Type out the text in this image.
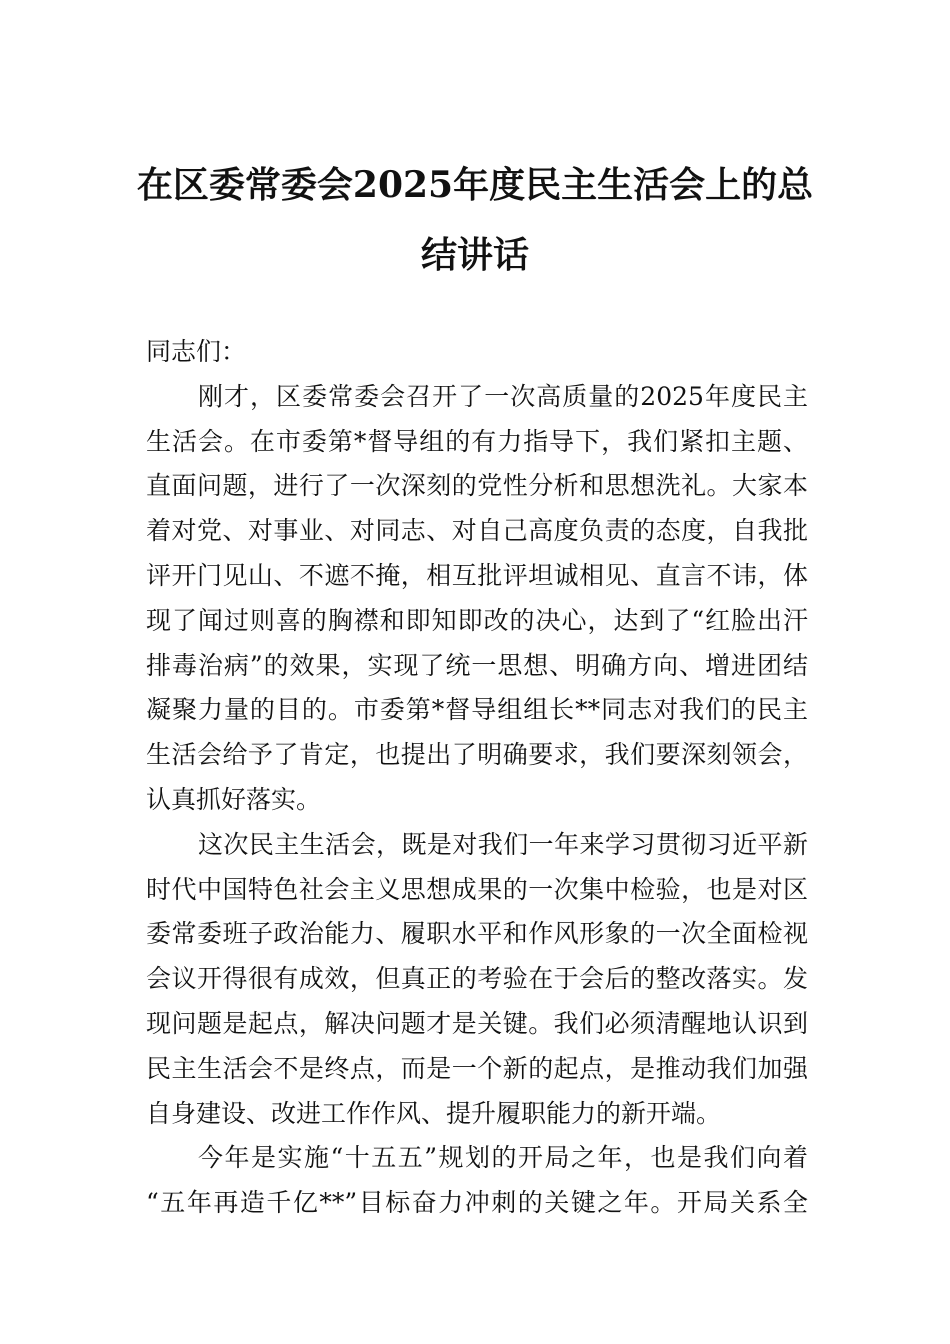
在区委常委会2025年度民主生活会上的总
结讲话
同志们：
刚才，区委常委会召开了一次高质量的2025年度民主
生活会。在市委第*督导组的有力指导下，我们紧扣主题、
直面问题，进行了一次深刻的党性分析和思想洗礼。大家本
着对党、对事业、对同志、对自己高度负责的态度，自我批
评开门见山、不遮不掩，相互批评坦诚相见、直言不讳，体
现了闻过则喜的胸襟和即知即改的决心，达到了“红脸出汗
排毒治病”的效果，实现了统一思想、明确方向、增进团结
凝聚力量的目的。市委第*督导组组长**同志对我们的民主
生活会给予了肯定，也提出了明确要求，我们要深刻领会，
认真抓好落实。
这次民主生活会，既是对我们一年来学习贯彻习近平新
时代中国特色社会主义思想成果的一次集中检验，也是对区
委常委班子政治能力、履职水平和作风形象的一次全面检视
会议开得很有成效，但真正的考验在于会后的整改落实。发
现问题是起点，解决问题才是关键。我们必须清醒地认识到
民主生活会不是终点，而是一个新的起点，是推动我们加强
自身建设、改进工作作风、提升履职能力的新开端。
今年是实施“十五五”规划的开局之年，也是我们向着
“五年再造千亿**”目标奋力冲刺的关键之年。开局关系全
